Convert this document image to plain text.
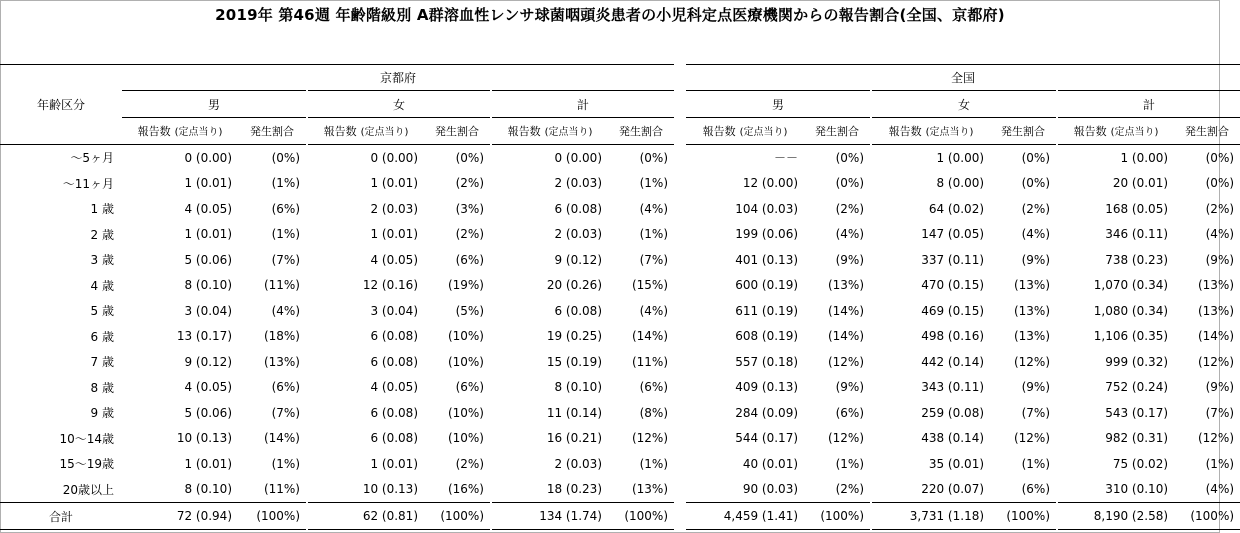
2019年 第46週 年齢階級別 A群溶血性レンサ球菌咽頭炎患者の小児科定点医療機関からの報告割合(全国、京都府)
年齢区分	京都府									全国							
	男			女			計			男			女			計	
	報告数 (定点当り)	発生割合		報告数 (定点当り)	発生割合		報告数 (定点当り)	発生割合		報告数 (定点当り)	発生割合		報告数 (定点当り)	発生割合		報告数 (定点当り)	発生割合
～5ヶ月	0 (0.00)	(0%)		0 (0.00)	(0%)		0 (0.00)	(0%)		－－	(0%)		1 (0.00)	(0%)		1 (0.00)	(0%)
～11ヶ月	1 (0.01)	(1%)		1 (0.01)	(2%)		2 (0.03)	(1%)		12 (0.00)	(0%)		8 (0.00)	(0%)		20 (0.01)	(0%)
1 歳	4 (0.05)	(6%)		2 (0.03)	(3%)		6 (0.08)	(4%)		104 (0.03)	(2%)		64 (0.02)	(2%)		168 (0.05)	(2%)
2 歳	1 (0.01)	(1%)		1 (0.01)	(2%)		2 (0.03)	(1%)		199 (0.06)	(4%)		147 (0.05)	(4%)		346 (0.11)	(4%)
3 歳	5 (0.06)	(7%)		4 (0.05)	(6%)		9 (0.12)	(7%)		401 (0.13)	(9%)		337 (0.11)	(9%)		738 (0.23)	(9%)
4 歳	8 (0.10)	(11%)		12 (0.16)	(19%)		20 (0.26)	(15%)		600 (0.19)	(13%)		470 (0.15)	(13%)		1,070 (0.34)	(13%)
5 歳	3 (0.04)	(4%)		3 (0.04)	(5%)		6 (0.08)	(4%)		611 (0.19)	(14%)		469 (0.15)	(13%)		1,080 (0.34)	(13%)
6 歳	13 (0.17)	(18%)		6 (0.08)	(10%)		19 (0.25)	(14%)		608 (0.19)	(14%)		498 (0.16)	(13%)		1,106 (0.35)	(14%)
7 歳	9 (0.12)	(13%)		6 (0.08)	(10%)		15 (0.19)	(11%)		557 (0.18)	(12%)		442 (0.14)	(12%)		999 (0.32)	(12%)
8 歳	4 (0.05)	(6%)		4 (0.05)	(6%)		8 (0.10)	(6%)		409 (0.13)	(9%)		343 (0.11)	(9%)		752 (0.24)	(9%)
9 歳	5 (0.06)	(7%)		6 (0.08)	(10%)		11 (0.14)	(8%)		284 (0.09)	(6%)		259 (0.08)	(7%)		543 (0.17)	(7%)
10～14歳	10 (0.13)	(14%)		6 (0.08)	(10%)		16 (0.21)	(12%)		544 (0.17)	(12%)		438 (0.14)	(12%)		982 (0.31)	(12%)
15～19歳	1 (0.01)	(1%)		1 (0.01)	(2%)		2 (0.03)	(1%)		40 (0.01)	(1%)		35 (0.01)	(1%)		75 (0.02)	(1%)
20歳以上	8 (0.10)	(11%)		10 (0.13)	(16%)		18 (0.23)	(13%)		90 (0.03)	(2%)		220 (0.07)	(6%)		310 (0.10)	(4%)
合計	72 (0.94)	(100%)		62 (0.81)	(100%)		134 (1.74)	(100%)		4,459 (1.41)	(100%)		3,731 (1.18)	(100%)		8,190 (2.58)	(100%)
